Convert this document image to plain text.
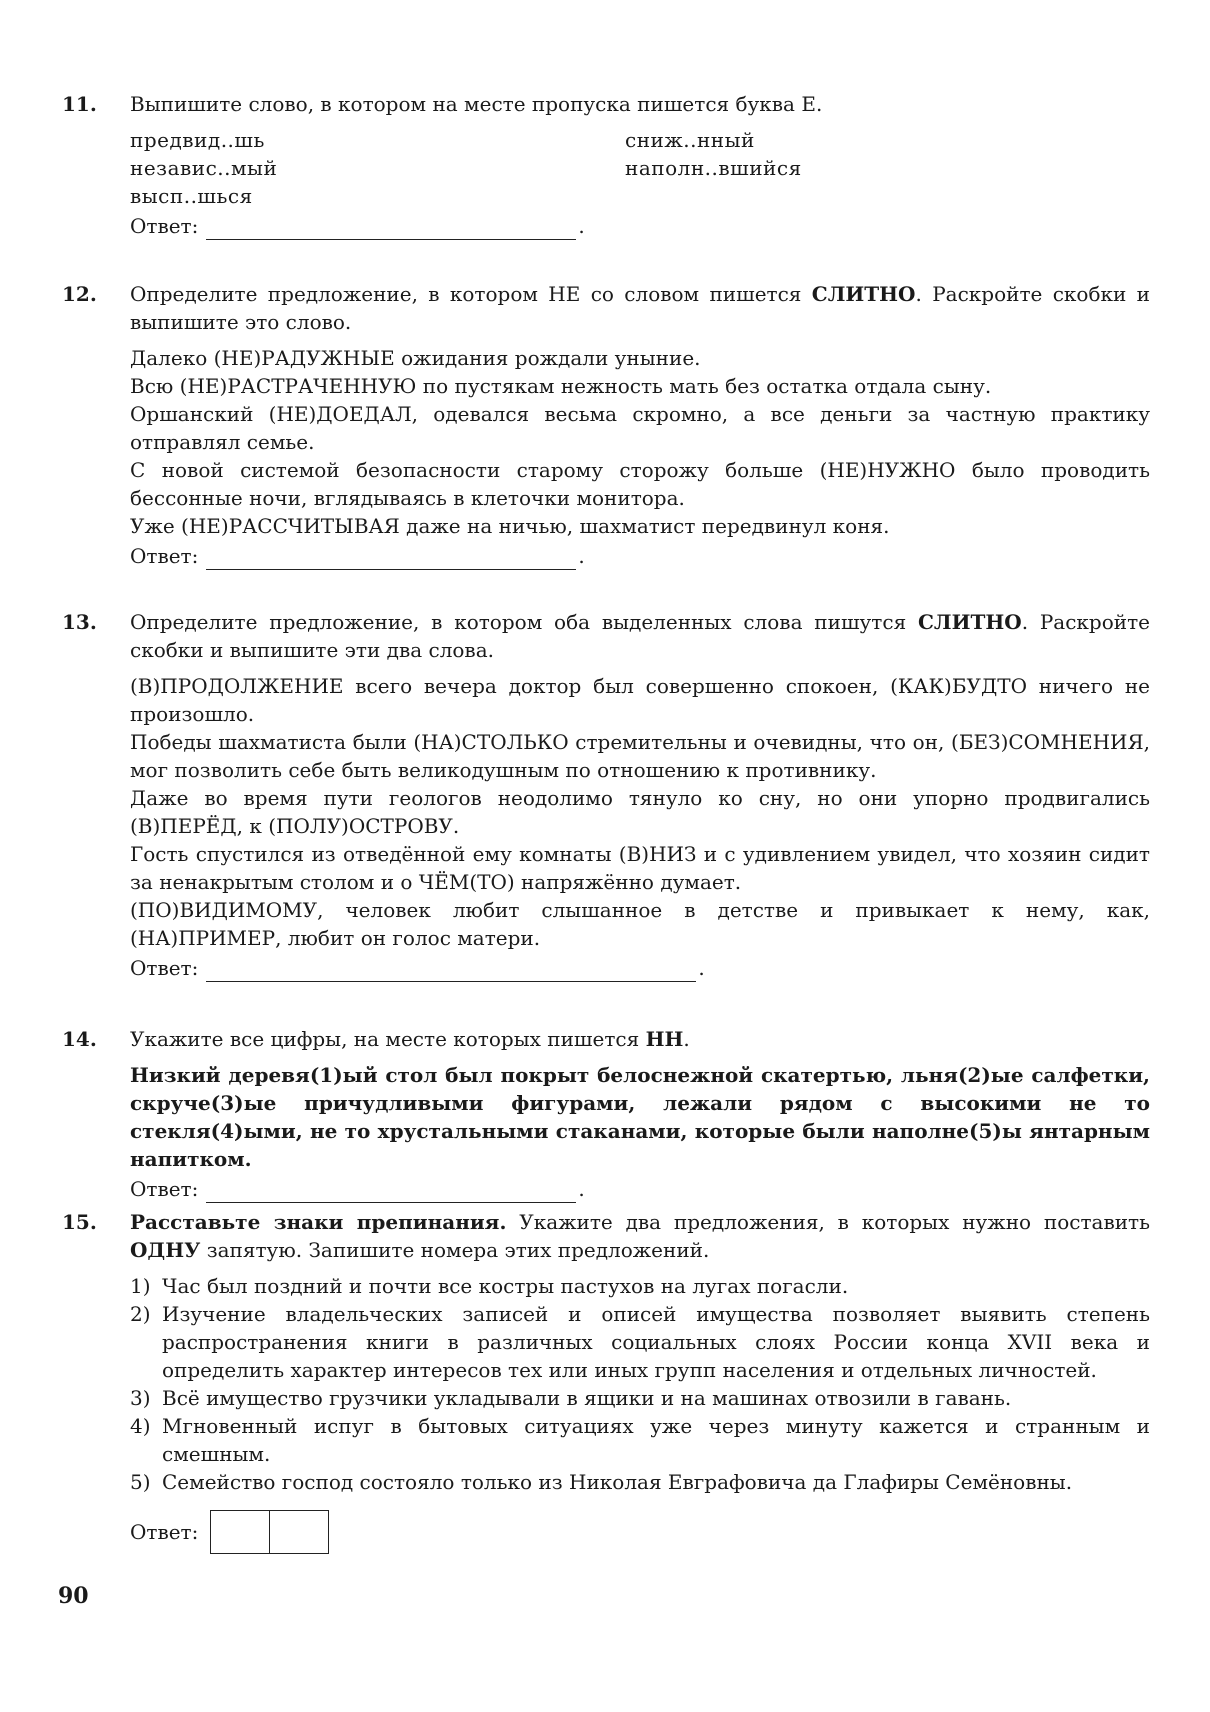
11. Выпишите слово, в котором на месте пропуска пишется буква Е.

предвид..шь
независ..мый
высп..шься
сниж..нный
наполн..вшийся
Ответ:	.
12. Определите предложение, в котором НЕ со словом пишется СЛИТНО. Раскройте скобки и выпишите это слово.

Далеко (НЕ)РАДУЖНЫЕ ожидания рождали уныние.

Всю (НЕ)РАСТРАЧЕННУЮ по пустякам нежность мать без остатка отдала сыну.

Оршанский (НЕ)ДОЕДАЛ, одевался весьма скромно, а все деньги за частную практику отправлял семье.

С новой системой безопасности старому сторожу больше (НЕ)НУЖНО было проводить бессонные ночи, вглядываясь в клеточки монитора.

Уже (НЕ)РАССЧИТЫВАЯ даже на ничью, шахматист передвинул коня.

Ответ:	.
13. Определите предложение, в котором оба выделенных слова пишутся СЛИТНО. Раскройте скобки и выпишите эти два слова.

(В)ПРОДОЛЖЕНИЕ всего вечера доктор был совершенно спокоен, (КАК)БУДТО ничего не произошло.

Победы шахматиста были (НА)СТОЛЬКО стремительны и очевидны, что он, (БЕЗ)СОМНЕНИЯ, мог позволить себе быть великодушным по отношению к противнику.

Даже во время пути геологов неодолимо тянуло ко сну, но они упорно продвигались (В)ПЕРЁД, к (ПОЛУ)ОСТРОВУ.

Гость спустился из отведённой ему комнаты (В)НИЗ и с удивлением увидел, что хозяин сидит за ненакрытым столом и о ЧЁМ(ТО) напряжённо думает.

(ПО)ВИДИМОМУ, человек любит слышанное в детстве и привыкает к нему, как, (НА)ПРИМЕР, любит он голос матери.

Ответ:	.
14. Укажите все цифры, на месте которых пишется НН.

Низкий деревя(1)ый стол был покрыт белоснежной скатертью, льня(2)ые салфетки, скруче(3)ые причудливыми фигурами, лежали рядом с высокими не то стекля(4)ыми, не то хрустальными стаканами, которые были наполне(5)ы янтарным напитком.

Ответ:	.
15. Расставьте знаки препинания. Укажите два предложения, в которых нужно поставить ОДНУ запятую. Запишите номера этих предложений.

1) Час был поздний и почти все костры пастухов на лугах погасли.
2) Изучение владельческих записей и описей имущества позволяет выявить степень распространения книги в различных социальных слоях России конца XVII века и определить характер интересов тех или иных групп населения и отдельных личностей.
3) Всё имущество грузчики укладывали в ящики и на машинах отвозили в гавань.
4) Мгновенный испуг в бытовых ситуациях уже через минуту кажется и странным и смешным.
5) Семейство господ состояло только из Николая Евграфовича да Глафиры Семёновны.
Ответ:
90
